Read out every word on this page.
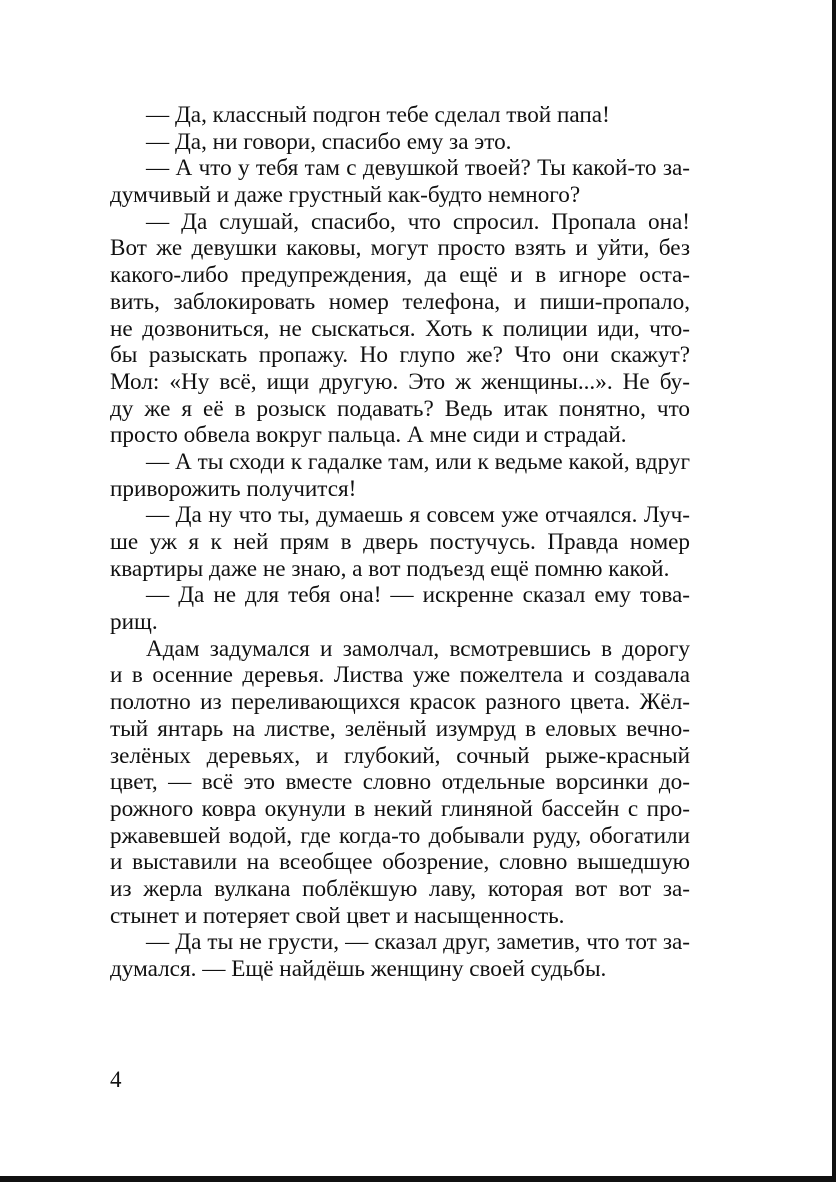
— Да, классный подгон тебе сделал твой папа!
— Да, ни говори, спасибо ему за это.
— А что у тебя там с девушкой твоей? Ты какой-то за-
думчивый и даже грустный как-будто немного?
— Да слушай, спасибо, что спросил. Пропала она!
Вот же девушки каковы, могут просто взять и уйти, без
какого-либо предупреждения, да ещё и в игноре оста-
вить, заблокировать номер телефона, и пиши-пропало,
не дозвониться, не сыскаться. Хоть к полиции иди, что-
бы разыскать пропажу. Но глупо же? Что они скажут?
Мол: «Ну всё, ищи другую. Это ж женщины...». Не бу-
ду же я её в розыск подавать? Ведь итак понятно, что
просто обвела вокруг пальца. А мне сиди и страдай.
— А ты сходи к гадалке там, или к ведьме какой, вдруг
приворожить получится!
— Да ну что ты, думаешь я совсем уже отчаялся. Луч-
ше уж я к ней прям в дверь постучусь. Правда номер
квартиры даже не знаю, а вот подъезд ещё помню какой.
— Да не для тебя она! — искренне сказал ему това-
рищ.
Адам задумался и замолчал, всмотревшись в дорогу
и в осенние деревья. Листва уже пожелтела и создавала
полотно из переливающихся красок разного цвета. Жёл-
тый янтарь на листве, зелёный изумруд в еловых вечно-
зелёных деревьях, и глубокий, сочный рыже-красный
цвет, — всё это вместе словно отдельные ворсинки до-
рожного ковра окунули в некий глиняной бассейн с про-
ржавевшей водой, где когда-то добывали руду, обогатили
и выставили на всеобщее обозрение, словно вышедшую
из жерла вулкана поблёкшую лаву, которая вот вот за-
стынет и потеряет свой цвет и насыщенность.
— Да ты не грусти, — сказал друг, заметив, что тот за-
думался. — Ещё найдёшь женщину своей судьбы.
4
